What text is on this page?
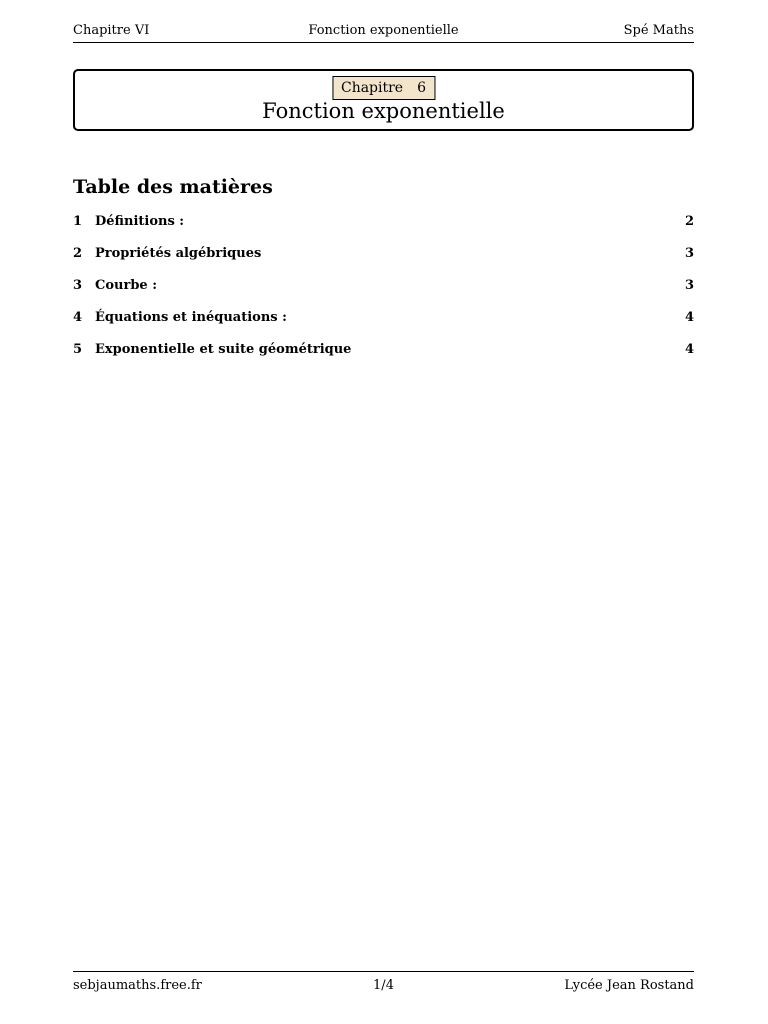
Chapitre VI	Fonction exponentielle	Spé Maths
Chapitre 6
Fonction exponentielle
Table des matières
1 Définitions :	2
2 Propriétés algébriques	3
3 Courbe :	3
4 Équations et inéquations :	4
5 Exponentielle et suite géométrique	4
sebjaumaths.free.fr	1/4	Lycée Jean Rostand
